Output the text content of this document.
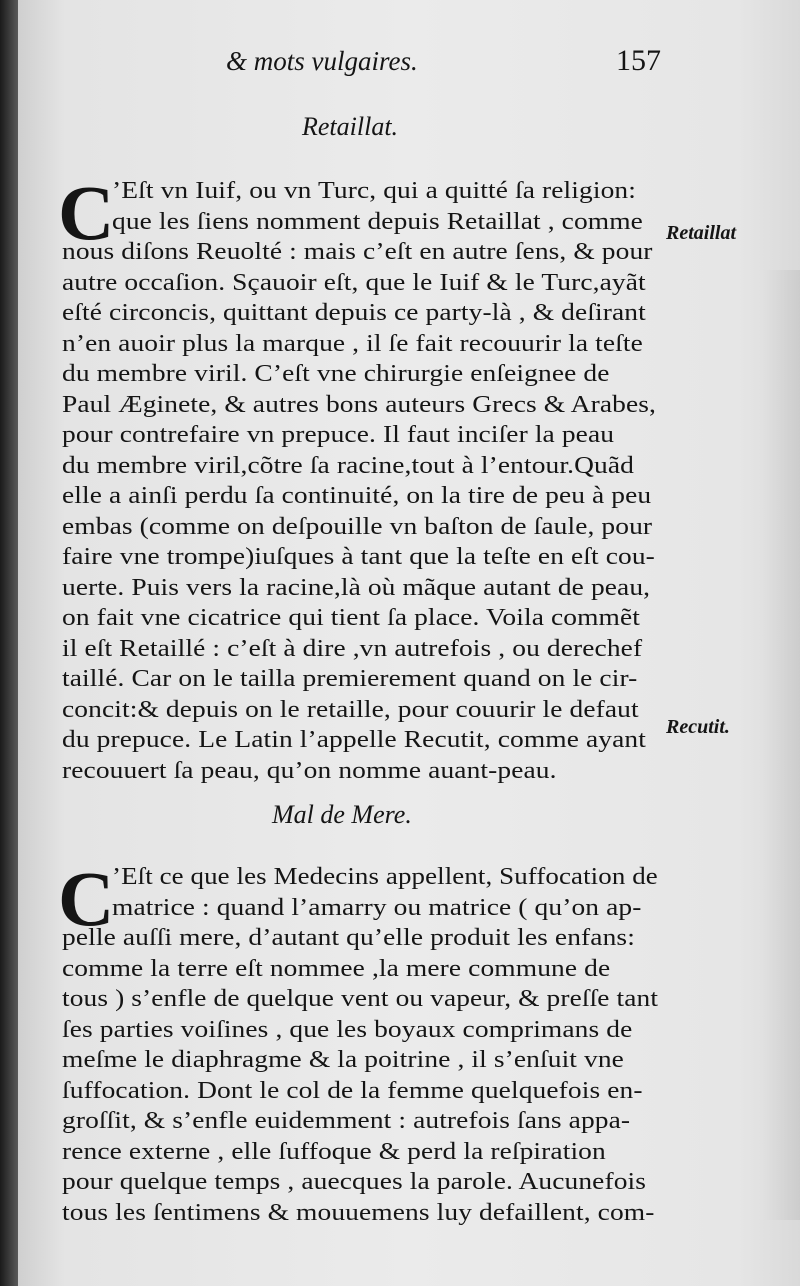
& mots vulgaires.	157
Retaillat.
C
’Eſt vn Iuif, ou vn Turc, qui a quitté ſa religion:
que les ſiens nomment depuis Retaillat , comme
nous diſons Reuolté : mais c’eſt en autre ſens, & pour
autre occaſion. Sçauoir eſt, que le Iuif & le Turc,ayãt
eſté circoncis, quittant depuis ce party-là , & deſirant
n’en auoir plus la marque , il ſe fait recouurir la teſte
du membre viril. C’eſt vne chirurgie enſeignee de
Paul Æginete, & autres bons auteurs Grecs & Arabes,
pour contrefaire vn prepuce. Il faut inciſer la peau
du membre viril,cõtre ſa racine,tout à l’entour.Quãd
elle a ainſi perdu ſa continuité, on la tire de peu à peu
embas (comme on deſpouille vn baſton de ſaule, pour
faire vne trompe)iuſques à tant que la teſte en eſt cou-
uerte. Puis vers la racine,là où mãque autant de peau,
on fait vne cicatrice qui tient ſa place. Voila commẽt
il eſt Retaillé : c’eſt à dire ,vn autrefois , ou derechef
taillé. Car on le tailla premierement quand on le cir-
concit:& depuis on le retaille, pour couurir le defaut
du prepuce. Le Latin l’appelle Recutit, comme ayant
recouuert ſa peau, qu’on nomme auant-peau.
Retaillat
Recutit.
Mal de Mere.
C
’Eſt ce que les Medecins appellent, Suffocation de
matrice : quand l’amarry ou matrice ( qu’on ap-
pelle auſſi mere, d’autant qu’elle produit les enfans:
comme la terre eſt nommee ,la mere commune de
tous ) s’enfle de quelque vent ou vapeur, & preſſe tant
ſes parties voiſines , que les boyaux comprimans de
meſme le diaphragme & la poitrine , il s’enſuit vne
ſuffocation. Dont le col de la femme quelquefois en-
groſſit, & s’enfle euidemment : autrefois ſans appa-
rence externe , elle ſuffoque & perd la reſpiration
pour quelque temps , auecques la parole. Aucunefois
tous les ſentimens & mouuemens luy defaillent, com-
